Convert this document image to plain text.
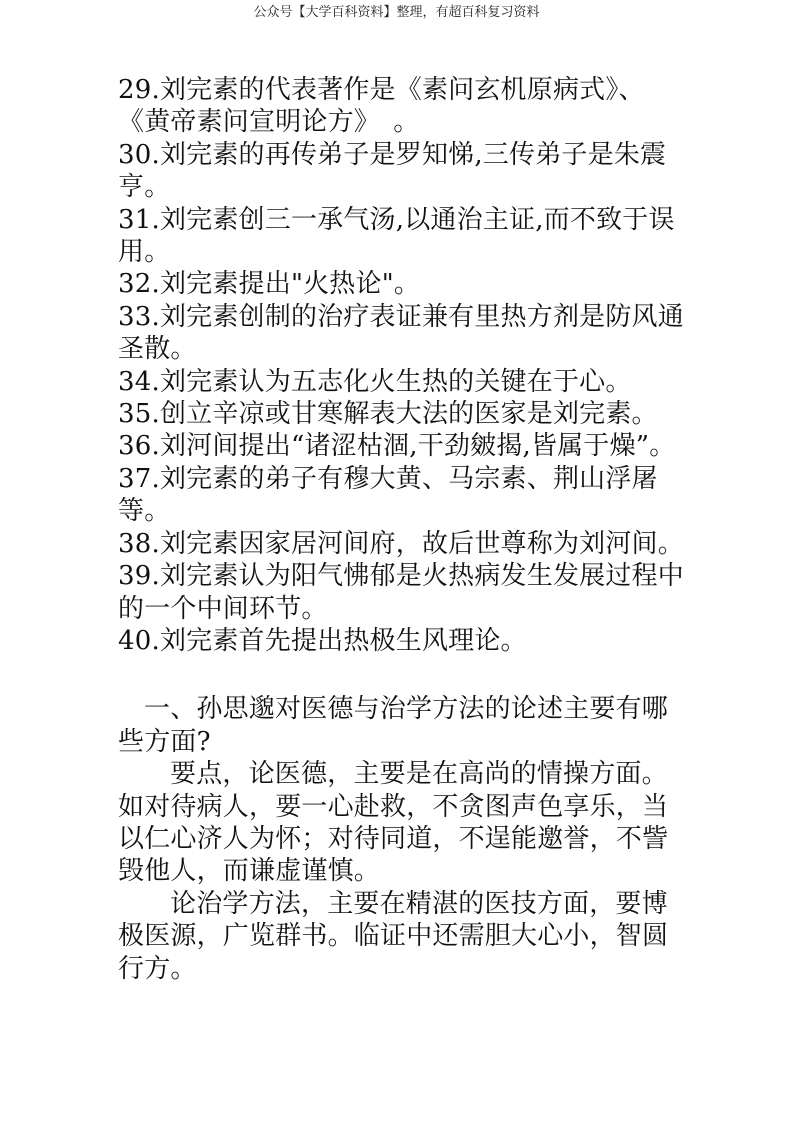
公众号【大学百科资料】整理，有超百科复习资料

29.刘完素的代表著作是《素问玄机原病式》、《黄帝素问宣明论方》　。

30.刘完素的再传弟子是罗知悌,三传弟子是朱震亨。

31.刘完素创三一承气汤,以通治主证,而不致于误用。

32.刘完素提出"火热论"。

33.刘完素创制的治疗表证兼有里热方剂是防风通圣散。

34.刘完素认为五志化火生热的关键在于心。

35.创立辛凉或甘寒解表大法的医家是刘完素。

36.刘河间提出“诸涩枯涸,干劲皴揭,皆属于燥”。

37.刘完素的弟子有穆大黄、马宗素、荆山浮屠等。

38.刘完素因家居河间府，故后世尊称为刘河间。

39.刘完素认为阳气怫郁是火热病发生发展过程中的一个中间环节。

40.刘完素首先提出热极生风理论。

一、孙思邈对医德与治学方法的论述主要有哪些方面?

要点，论医德，主要是在高尚的情操方面。如对待病人，要一心赴救，不贪图声色享乐，当以仁心济人为怀；对待同道，不逞能邀誉，不訾毁他人，而谦虚谨慎。

论治学方法，主要在精湛的医技方面，要博极医源，广览群书。临证中还需胆大心小，智圆行方。
